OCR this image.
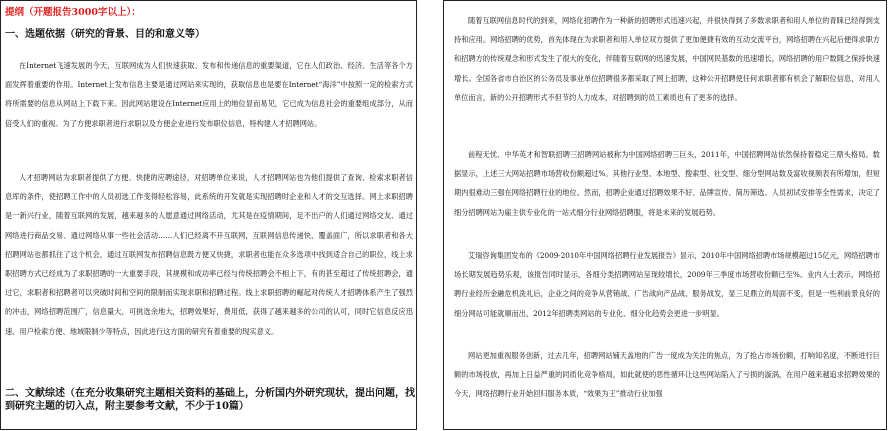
提纲（开题报告3000字以上）：
一、选题依据（研究的背景、目的和意义等）
在Internet飞速发展的今天，互联网成为人们快速获取、发布和传递信息的重要渠道，它在人们政治、经济、生活等各个方面发挥着重要的作用。Internet上发布信息主要是通过网站来实现的，获取信息也是要在Internet“海洋”中按照一定的检索方式将所需要的信息从网站上下载下来。因此网站建设在Internet应用上的地位显而易见，它已成为信息社会的重要组成部分，从而倍受人们的重视。为了方便求职者进行求职以及方便企业进行发布职位信息，特构建人才招聘网站。
人才招聘网站为求职者提供了方便、快捷的应聘途径，对招聘单位来说，人才招聘网站也为他们提供了查询、检索求职者信息库的条件，使招聘工作中的人员初选工作变得轻松容易，此系统的开发就是实现招聘时企业和人才的交互选择。网上求职招聘是一新兴行业，随着互联网的发展，越来越多的人愿意通过网络活动，尤其是在疫情期间，足不出户的人们通过网络交友、通过网络进行商品交易、通过网络从事一些社会活动……人们已经离不开互联网，互联网信息传递快、覆盖面广，所以求职者和各大招聘网站也都抓住了这个机会，通过互联网发布招聘信息既方便又快捷，求职者也能在众多选项中找到适合自己的职位，线上求职招聘方式已经成为了求职招聘的一大重要手段，其规模和成功率已经与传统招聘会不相上下，有的甚至超过了传统招聘会，通过它，求职者和招聘者可以突破时间和空间的限制而实现求职和招聘过程。线上求职招聘的崛起对传统人才招聘体系产生了强烈的冲击，网络招聘范围广，信息量大，可挑选余地大，招聘效果好，费用低，获得了越来越多的公司的认可，同时它信息反应迅速、用户检索方便、地域限制少等特点，因此进行这方面的研究有着重要的现实意义。
二、文献综述（在充分收集研究主题相关资料的基础上，分析国内外研究现状，提出问题，找到研究主题的切入点，附主要参考文献，不少于10篇）
随着互联网信息时代的到来，网络化招聘作为一种新的招聘形式迅速兴起，并很快得到了多数求职者和用人单位的青睐已经得到支持和应用。网络招聘的优势，首先体现在为求职者和用人单位双方提供了更加便捷有效的互动交流平台，网络招聘在兴起后便得求职方和招聘方的传统观念和形式发生了很大的变化，伴随着互联网的迅速发展，中国网民基数的迅速增长，网络招聘的用户数随之保持快速增长。全国各省市自治区的公务员及事业单位招聘很多都采取了网上招聘，这种公开招聘使任何求职者都有机会了解职位信息，对用人单位而言，新的公开招聘形式不但节约人力成本，对招聘到的员工素质也有了更多的选择。
前程无忧、中华英才和智联招聘三招聘网站被称为中国网络招聘三巨头，2011年，中国招聘网站依然保持着稳定三鼎头格局。数据显示，上述三大网站招聘市场营收份额超过%。其他行业型、本地型、搜索型、社交型、细分型网站数及富收视频表有所增加，但短期内很难动三强在网络招聘行业的地位。然而，招聘企业通过招聘效果不好、品牌宣传、简历筛选、人员初试安排等全性需求，决定了细分招聘网站为雇主供专业化的一站式细分行业网络招聘服，将是未来的发展趋势。
艾瑞咨询集团发布的《2009-2010年中国网络招聘行业发展报告》显示，2010年中国网络招聘市场规模超过15亿元，网络招聘市场长期发展趋势乐观，该报告同时显示，各细分类招聘网站呈现较增长，2009年三季度市场营收份额已至%。业内人士表示，网络招聘行业经历金融危机洗礼后，企业之间的竞争从营销战、广告战向产品战、服务战发，显三足鼎立的局面不变，但是一些利前景良好的细分网站可能就顺而出，2012年招聘类网站的专业化、细分化趋势会更进一步明显。
网站更加重视服务创新，过去几年，招聘网站铺天盖地的广告一度成为关注的焦点，为了抢占市场份额，打响知名度，不断进行巨额的市场投放，再加上日益严重的同质化竞争格局，如此就使的恶性循环让这些网站陷入了亏损的漩涡，在用户越来越追求招聘效果的今天，网络招聘行业开始回归服务本质，“效果为王”推动行业加强
